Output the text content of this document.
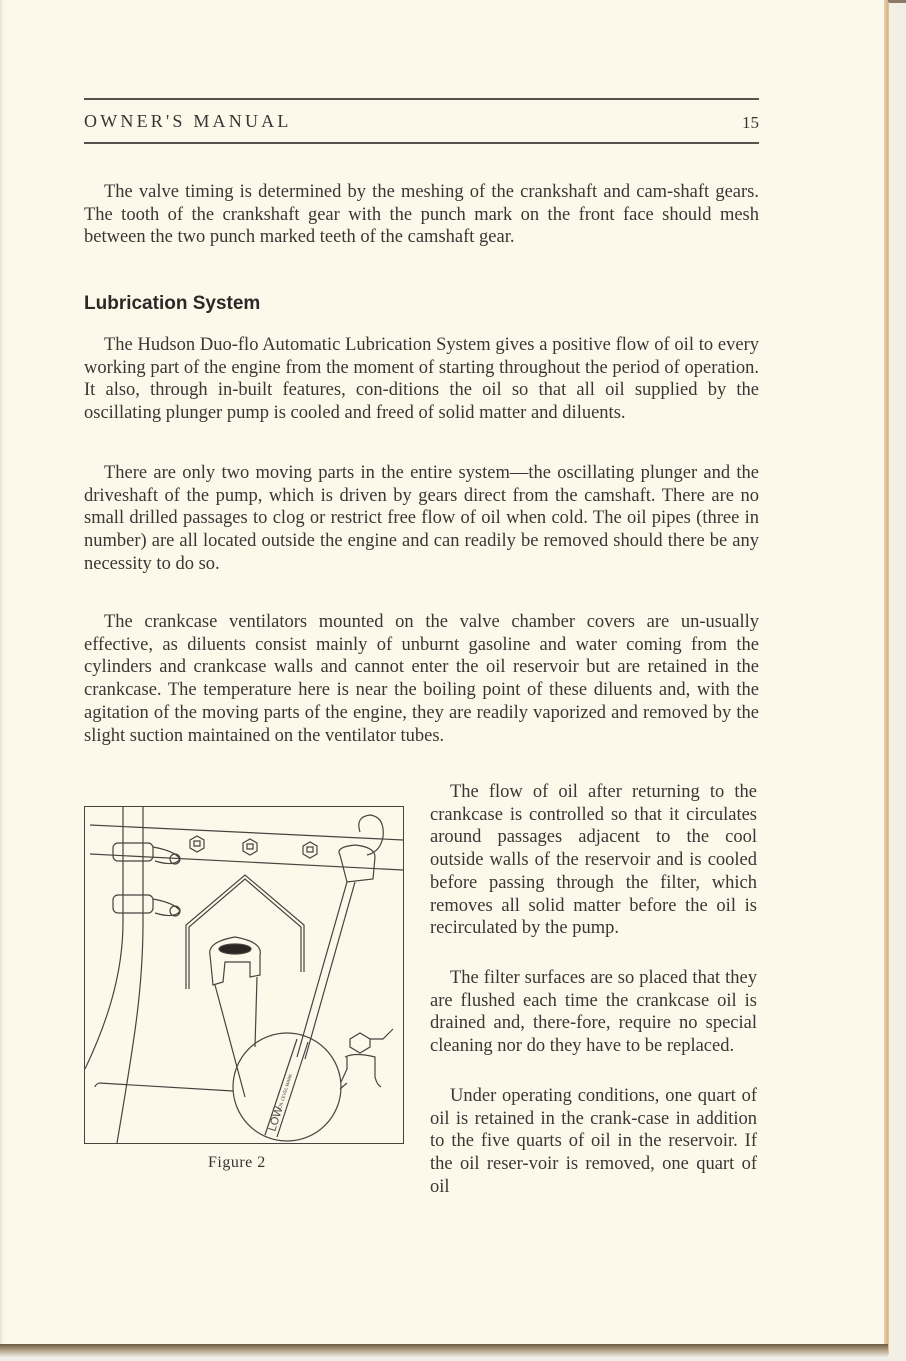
OWNER'S MANUAL	15

The valve timing is determined by the meshing of the crankshaft and cam-shaft gears. The tooth of the crankshaft gear with the punch mark on the front face should mesh between the two punch marked teeth of the camshaft gear.

Lubrication System

The Hudson Duo-flo Automatic Lubrication System gives a positive flow of oil to every working part of the engine from the moment of starting throughout the period of operation. It also, through in-built features, con-ditions the oil so that all oil supplied by the oscillating plunger pump is cooled and freed of solid matter and diluents.

There are only two moving parts in the entire system—the oscillating plunger and the driveshaft of the pump, which is driven by gears direct from the camshaft. There are no small drilled passages to clog or restrict free flow of oil when cold. The oil pipes (three in number) are all located outside the engine and can readily be removed should there be any necessity to do so.

The crankcase ventilators mounted on the valve chamber covers are un-usually effective, as diluents consist mainly of unburnt gasoline and water coming from the cylinders and crankcase walls and cannot enter the oil reservoir but are retained in the crankcase. The temperature here is near the boiling point of these diluents and, with the agitation of the moving parts of the engine, they are readily vaporized and removed by the slight suction maintained on the ventilator tubes.

The flow of oil after returning to the crankcase is controlled so that it circulates around passages adjacent to the cool outside walls of the reservoir and is cooled before passing through the filter, which removes all solid matter before the oil is recirculated by the pump.

The filter surfaces are so placed that they are flushed each time the crankcase oil is drained and, there-fore, require no special cleaning nor do they have to be replaced.

Under operating conditions, one quart of oil is retained in the crank-case in addition to the five quarts of oil in the reservoir. If the oil reser-voir is removed, one quart of oil

LOW
OIL LEVEL MARK
Figure 2
